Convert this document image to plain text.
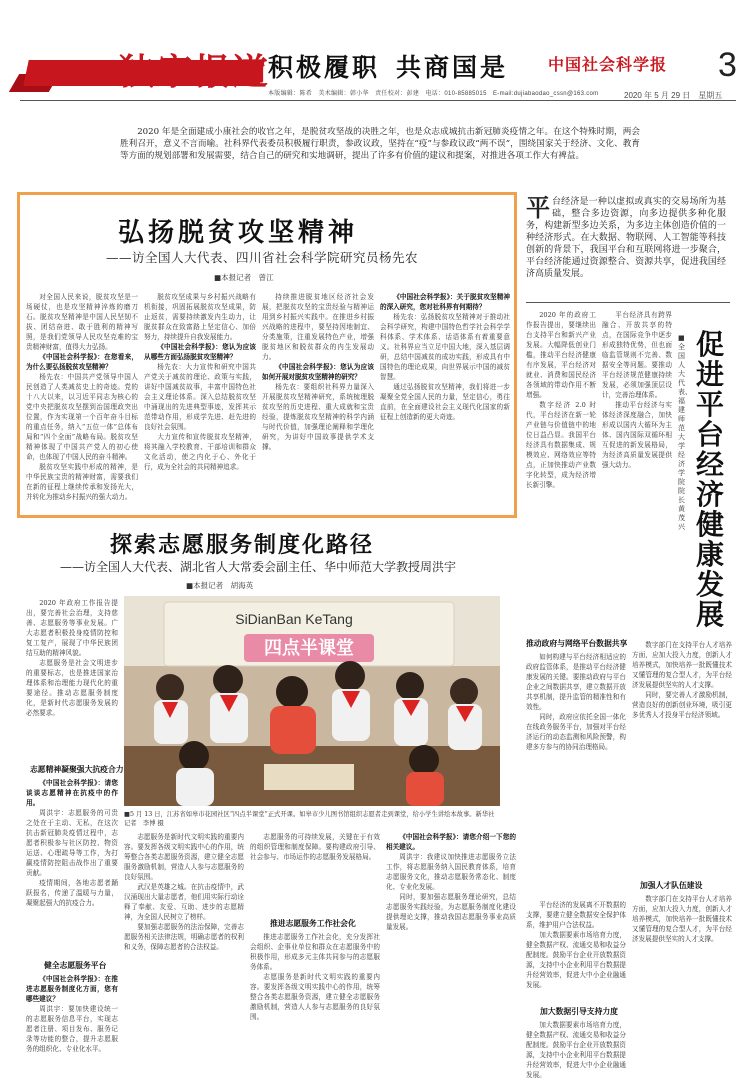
独家报道
积极履职 共商国是
本版编辑：陈希　美术编辑：韩小华　责任校对：彭建　电话：010-85885015　E-mail:dujiabaodao_cssn@163.com
中国社会科学报 3
2020 年 5 月 29 日　星期五
2020 年是全面建成小康社会的收官之年，是脱贫攻坚战的决胜之年，也是众志成城抗击新冠肺炎疫情之年。在这个特殊时期，两会胜利召开，意义不言而喻。社科界代表委员积极履行职责，参政议政，坚持在“疫”与参政议政“两不误”，围绕国家关于经济、文化、教育等方面的规划部署和发展需要，结合自己的研究和实地调研，提出了许多有价值的建议和提案，对推进各项工作大有裨益。
弘扬脱贫攻坚精神
——访全国人大代表、四川省社会科学院研究员杨先农
■本报记者　曾江

对全国人民来说，脱贫攻坚是一场硬仗，也是攻坚精神淬炼的磨刀石。脱贫攻坚精神是中国人民坚韧不拔、团结奋进、敢于胜利的精神写照，是我们党领导人民攻坚克难的宝贵精神财富，值得大力弘扬。

《中国社会科学报》：在您看来，为什么要弘扬脱贫攻坚精神？

杨先农：中国共产党领导中国人民创造了人类减贫史上的奇迹。党的十八大以来，以习近平同志为核心的党中央把脱贫攻坚摆到治国理政突出位置，作为实现第一个百年奋斗目标的重点任务，纳入“五位一体”总体布局和“四个全面”战略布局。脱贫攻坚精神体现了中国共产党人的初心使命，也体现了中国人民的奋斗精神。

脱贫攻坚实践中形成的精神，是中华民族宝贵的精神财富，需要我们在新的征程上继续传承和发扬光大，并转化为推动乡村振兴的强大动力。

脱贫攻坚成果与乡村振兴战略有机衔接，巩固拓展脱贫攻坚成果，防止返贫，需要持续激发内生动力，让脱贫群众在致富路上坚定信心、加倍努力，持续提升自我发展能力。

《中国社会科学报》：您认为应该从哪些方面弘扬脱贫攻坚精神？

杨先农：大力宣传和研究中国共产党关于减贫的理论、政策与实践，讲好中国减贫故事，丰富中国特色社会主义理论体系。深入总结脱贫攻坚中涌现出的先进典型事迹，发挥其示范带动作用，形成学先进、赶先进的良好社会氛围。

大力宣传和宣传脱贫攻坚精神，将其融入学校教育、干部培训和群众文化活动，使之内化于心、外化于行，成为全社会的共同精神追求。

持续推进脱贫地区经济社会发展，把脱贫攻坚的宝贵经验与精神运用到乡村振兴实践中。在推进乡村振兴战略的进程中，要坚持因地制宜、分类施策，注重发展特色产业，增强脱贫地区和脱贫群众的内生发展动力。

《中国社会科学报》：您认为应该如何开展对脱贫攻坚精神的研究？

杨先农：要组织社科界力量深入开展脱贫攻坚精神研究，系统梳理脱贫攻坚的历史进程、重大成就和宝贵经验，提炼脱贫攻坚精神的科学内涵与时代价值，加强理论阐释和学理化研究，为讲好中国故事提供学术支撑。

《中国社会科学报》：关于脱贫攻坚精神的深入研究，您对社科界有何期待？

杨先农：弘扬脱贫攻坚精神对于推动社会科学研究，构建中国特色哲学社会科学学科体系、学术体系、话语体系有着重要意义。社科界应当立足中国大地，深入基层调研，总结中国减贫的成功实践，形成具有中国特色的理论成果，向世界展示中国的减贫智慧。

通过弘扬脱贫攻坚精神，我们将进一步凝聚全党全国人民的力量，坚定信心，勇往直前，在全面建设社会主义现代化国家的新征程上创造新的更大奇迹。

平台经济是一种以虚拟或真实的交易场所为基础，整合多边资源，向多边提供多种化服务，构建新型多边关系，为多边主体创造价值的一种经济形式。在大数据、物联网、人工智能等科技创新的背景下，我国平台和互联网将进一步聚合，平台经济能通过资源整合、资源共享，促进我国经济高质量发展。

2020 年的政府工作报告提出，要继续出台支持平台和新兴产业发展。大幅降低创业门槛，推动平台经济健康有序发展，平台经济对就业、消费和国民经济各领域的带动作用不断增强。

数字经济 2.0 时代，平台经济在新一轮产业链与价值链中的地位日益凸显。我国平台经济具有数据集成、规模效应、网络效应等特点，正加快推动产业数字化转型，成为经济增长新引擎。

平台经济具有跨界融合、开放共享的特点，在国际竞争中逐步形成独特优势，但也面临监管规则不完善、数据安全等问题。要推动平台经济规范健康持续发展，必须加强顶层设计，完善治理体系。

推动平台经济与实体经济深度融合，加快形成以国内大循环为主体、国内国际双循环相互促进的新发展格局，为经济高质量发展提供强大动力。

促进平台经济健康发展
■全国人大代表、福建师范大学经济学院院长　黄茂兴
推动政府与网络平台数据共享

如何构建与平台经济相适应的政府监管体系，是推动平台经济健康发展的关键。要推动政府与平台企业之间数据共享，建立数据开放共享机制，提升监管的精准性和有效性。

同时，政府应依托全国一体化在线政务服务平台，加强对平台经济运行的动态监测和风险预警，构建多方参与的协同治理格局。

数字部门在支持平台人才培养方面，应加大投入力度，创新人才培养模式，加快培养一批既懂技术又懂管理的复合型人才，为平台经济发展提供坚实的人才支撑。

同时，要完善人才激励机制，营造良好的创新创业环境，吸引更多优秀人才投身平台经济领域。

加强人才队伍建设

数字部门在支持平台人才培养方面，应加大投入力度，创新人才培养模式，加快培养一批既懂技术又懂管理的复合型人才，为平台经济发展提供坚实的人才支撑。

加大数据引导支持力度

加大数据要素市场培育力度，健全数据产权、流通交易和收益分配制度。鼓励平台企业开放数据资源，支持中小企业利用平台数据提升经营效率，促进大中小企业融通发展。

平台经济的发展离不开数据的支撑，要建立健全数据安全保护体系，维护用户合法权益。

加大数据要素市场培育力度，健全数据产权、流通交易和收益分配制度。鼓励平台企业开放数据资源，支持中小企业利用平台数据提升经营效率，促进大中小企业融通发展。

探索志愿服务制度化路径
——访全国人大代表、湖北省人大常委会副主任、华中师范大学教授周洪宇
■本报记者　胡海英

2020 年政府工作报告提出，要完善社会治理，支持慈善、志愿服务等事业发展。广大志愿者积极投身疫情防控和复工复产，展现了中华民族团结互助的精神风貌。

志愿服务是社会文明进步的重要标志，也是推进国家治理体系和治理能力现代化的重要途径。推动志愿服务制度化，是新时代志愿服务发展的必然要求。

志愿精神凝聚强大抗疫合力

《中国社会科学报》：请您谈谈志愿精神在抗疫中的作用。

周洪宇：志愿服务的可贵之处在于主动、无私，在这次抗击新冠肺炎疫情过程中，志愿者积极参与社区防控、物资运送、心理疏导等工作，为打赢疫情防控阻击战作出了重要贡献。

疫情期间，各地志愿者踊跃报名，传递了温暖与力量，凝聚起强大的抗疫合力。

健全志愿服务平台

《中国社会科学报》：在推进志愿服务制度化方面，您有哪些建议？

周洪宇：要加快建设统一的志愿服务信息平台，实现志愿者注册、项目发布、服务记录等功能的整合，提升志愿服务的组织化、专业化水平。

SiDianBan KeTang
四点半课堂
■5 月 13 日，江苏省如皋市花园社区“四点半课堂”正式开课。如皋市少儿图书馆组织志愿者走到课堂，给小学生讲绘本故事。新华社记者　李博 摄

志愿服务是新时代文明实践的重要内容。要发挥各级文明实践中心的作用，统筹整合各类志愿服务资源，建立健全志愿服务激励机制，营造人人参与志愿服务的良好氛围。

武汉是英雄之城。在抗击疫情中，武汉涌现出大量志愿者，他们用实际行动诠释了奉献、友爱、互助、进步的志愿精神，为全国人民树立了榜样。

要加强志愿服务的法治保障，完善志愿服务相关法律法规，明确志愿者的权利和义务，保障志愿者的合法权益。

志愿服务的可持续发展，关键在于有效的组织管理和制度保障。要构建政府引导、社会参与、市场运作的志愿服务发展格局。

推进志愿服务工作社会化

推进志愿服务工作社会化，充分发挥社会组织、企事业单位和群众在志愿服务中的积极作用，形成多元主体共同参与的志愿服务体系。

志愿服务是新时代文明实践的重要内容。要发挥各级文明实践中心的作用，统筹整合各类志愿服务资源，建立健全志愿服务激励机制，营造人人参与志愿服务的良好氛围。

《中国社会科学报》：请您介绍一下您的相关建议。

周洪宇：我建议加快推进志愿服务立法工作，将志愿服务纳入国民教育体系，培育志愿服务文化，推动志愿服务常态化、制度化、专业化发展。

同时，要加强志愿服务理论研究，总结志愿服务实践经验，为志愿服务制度化建设提供理论支撑，推动我国志愿服务事业高质量发展。
